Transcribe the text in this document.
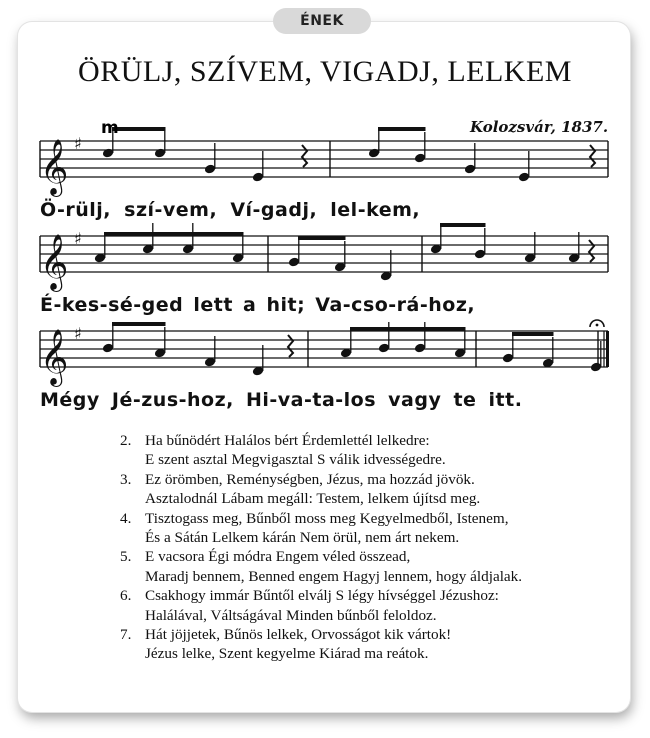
ÉNEK
ÖRÜLJ, SZÍVEM, VIGADJ, LELKEM
Kolozsvár, 1837.
𝄞 ♯
𝄞 ♯
𝄞 ♯
m
Ö-rülj, szí-vem, Ví-gadj, lel-kem,
É-kes-sé-ged lett a hit; Va-cso-rá-hoz,
Mégy Jé-zus-hoz, Hi-va-ta-los vagy te itt.
2. Ha bűnödért Halálos bért Érdemlettél lelkedre:
E szent asztal Megvigasztal S válik idvességedre.
3. Ez örömben, Reménységben, Jézus, ma hozzád jövök.
Asztalodnál Lábam megáll: Testem, lelkem újítsd meg.
4. Tisztogass meg, Bűnből moss meg Kegyelmedből, Istenem,
És a Sátán Lelkem kárán Nem örül, nem árt nekem.
5. E vacsora Égi módra Engem véled összead,
Maradj bennem, Benned engem Hagyj lennem, hogy áldjalak.
6. Csakhogy immár Bűntől elválj S légy hívséggel Jézushoz:
Halálával, Váltságával Minden bűnből feloldoz.
7. Hát jöjjetek, Bűnös lelkek, Orvosságot kik vártok!
Jézus lelke, Szent kegyelme Kiárad ma reátok.
